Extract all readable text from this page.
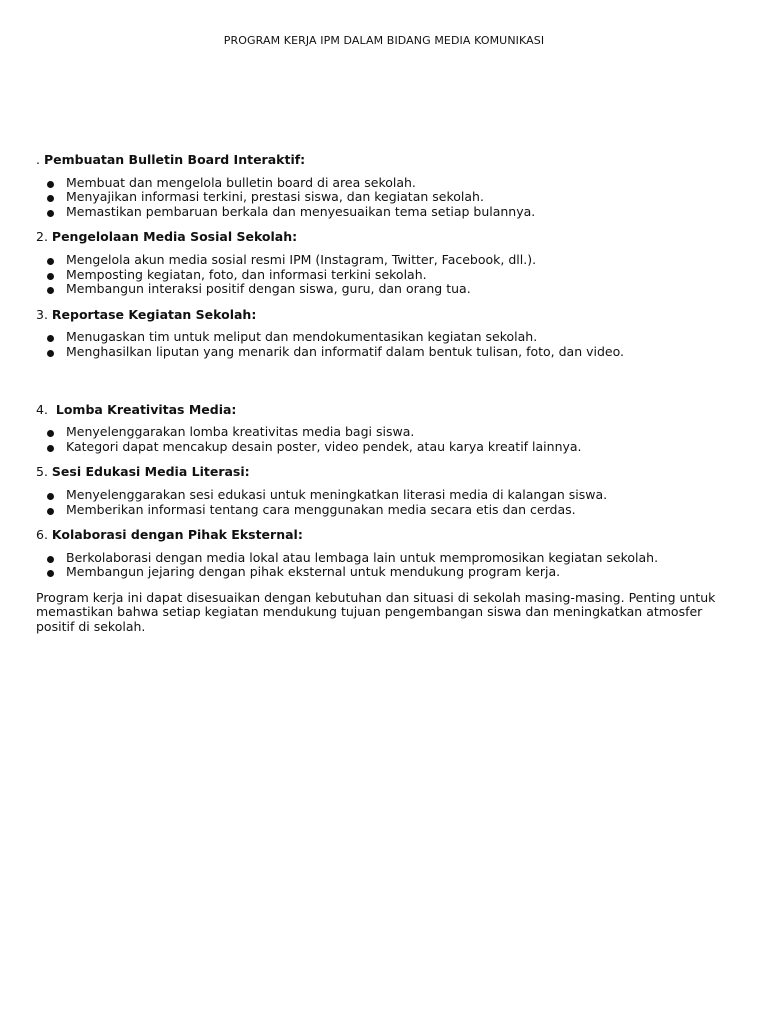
PROGRAM KERJA IPM DALAM BIDANG MEDIA KOMUNIKASI

. Pembuatan Bulletin Board Interaktif:

Membuat dan mengelola bulletin board di area sekolah.
Menyajikan informasi terkini, prestasi siswa, dan kegiatan sekolah.
Memastikan pembaruan berkala dan menyesuaikan tema setiap bulannya.

2. Pengelolaan Media Sosial Sekolah:

Mengelola akun media sosial resmi IPM (Instagram, Twitter, Facebook, dll.).
Memposting kegiatan, foto, dan informasi terkini sekolah.
Membangun interaksi positif dengan siswa, guru, dan orang tua.

3. Reportase Kegiatan Sekolah:

Menugaskan tim untuk meliput dan mendokumentasikan kegiatan sekolah.
Menghasilkan liputan yang menarik dan informatif dalam bentuk tulisan, foto, dan video.

4.  Lomba Kreativitas Media:

Menyelenggarakan lomba kreativitas media bagi siswa.
Kategori dapat mencakup desain poster, video pendek, atau karya kreatif lainnya.

5. Sesi Edukasi Media Literasi:

Menyelenggarakan sesi edukasi untuk meningkatkan literasi media di kalangan siswa.
Memberikan informasi tentang cara menggunakan media secara etis dan cerdas.

6. Kolaborasi dengan Pihak Eksternal:

Berkolaborasi dengan media lokal atau lembaga lain untuk mempromosikan kegiatan sekolah.
Membangun jejaring dengan pihak eksternal untuk mendukung program kerja.

Program kerja ini dapat disesuaikan dengan kebutuhan dan situasi di sekolah masing-masing. Penting untuk memastikan bahwa setiap kegiatan mendukung tujuan pengembangan siswa dan meningkatkan atmosfer positif di sekolah.
